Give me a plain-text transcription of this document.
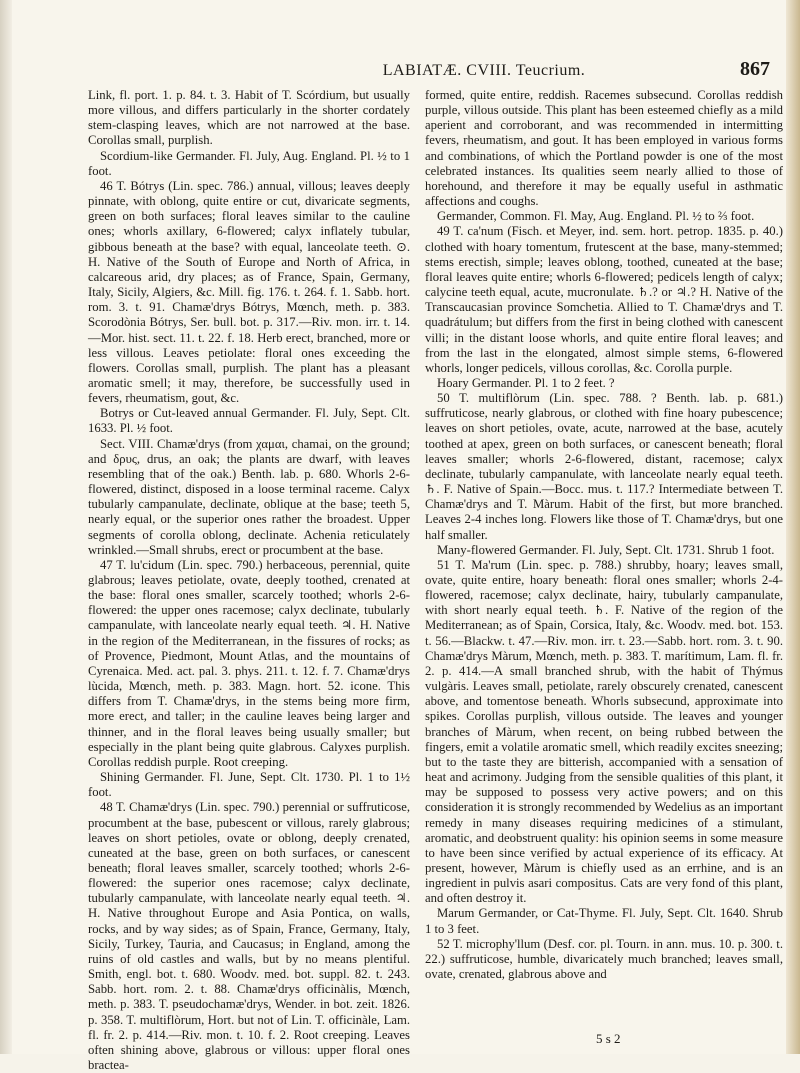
LABIATÆ. CVIII. Teucrium.	867

Link, fl. port. 1. p. 84. t. 3. Habit of T. Scórdium, but usually more villous, and differs particularly in the shorter cordately stem-clasping leaves, which are not narrowed at the base. Corollas small, purplish.

Scordium-like Germander. Fl. July, Aug. England. Pl. ½ to 1 foot.

46 T. Bótrys (Lin. spec. 786.) annual, villous; leaves deeply pinnate, with oblong, quite entire or cut, divaricate segments, green on both surfaces; floral leaves similar to the cauline ones; whorls axillary, 6-flowered; calyx inflately tubular, gibbous beneath at the base? with equal, lanceolate teeth. ⊙. H. Native of the South of Europe and North of Africa, in calcareous arid, dry places; as of France, Spain, Germany, Italy, Sicily, Algiers, &c. Mill. fig. 176. t. 264. f. 1. Sabb. hort. rom. 3. t. 91. Chamæ'drys Bótrys, Mœnch, meth. p. 383. Scorodònia Bótrys, Ser. bull. bot. p. 317.—Riv. mon. irr. t. 14.—Mor. hist. sect. 11. t. 22. f. 18. Herb erect, branched, more or less villous. Leaves petiolate: floral ones exceeding the flowers. Corollas small, purplish. The plant has a pleasant aromatic smell; it may, therefore, be successfully used in fevers, rheumatism, gout, &c.

Botrys or Cut-leaved annual Germander. Fl. July, Sept. Clt. 1633. Pl. ½ foot.

Sect. VIII. Chamæ'drys (from χαμαι, chamai, on the ground; and δρυς, drus, an oak; the plants are dwarf, with leaves resembling that of the oak.) Benth. lab. p. 680. Whorls 2-6-flowered, distinct, disposed in a loose terminal raceme. Calyx tubularly campanulate, declinate, oblique at the base; teeth 5, nearly equal, or the superior ones rather the broadest. Upper segments of corolla oblong, declinate. Achenia reticulately wrinkled.—Small shrubs, erect or procumbent at the base.

47 T. lu'cidum (Lin. spec. 790.) herbaceous, perennial, quite glabrous; leaves petiolate, ovate, deeply toothed, crenated at the base: floral ones smaller, scarcely toothed; whorls 2-6-flowered: the upper ones racemose; calyx declinate, tubularly campanulate, with lanceolate nearly equal teeth. ♃. H. Native in the region of the Mediterranean, in the fissures of rocks; as of Provence, Piedmont, Mount Atlas, and the mountains of Cyrenaica. Med. act. pal. 3. phys. 211. t. 12. f. 7. Chamæ'drys lùcida, Mœnch, meth. p. 383. Magn. hort. 52. icone. This differs from T. Chamæ'drys, in the stems being more firm, more erect, and taller; in the cauline leaves being larger and thinner, and in the floral leaves being usually smaller; but especially in the plant being quite glabrous. Calyxes purplish. Corollas reddish purple. Root creeping.

Shining Germander. Fl. June, Sept. Clt. 1730. Pl. 1 to 1½ foot.

48 T. Chamæ'drys (Lin. spec. 790.) perennial or suffruticose, procumbent at the base, pubescent or villous, rarely glabrous; leaves on short petioles, ovate or oblong, deeply crenated, cuneated at the base, green on both surfaces, or canescent beneath; floral leaves smaller, scarcely toothed; whorls 2-6-flowered: the superior ones racemose; calyx declinate, tubularly campanulate, with lanceolate nearly equal teeth. ♃. H. Native throughout Europe and Asia Pontica, on walls, rocks, and by way sides; as of Spain, France, Germany, Italy, Sicily, Turkey, Tauria, and Caucasus; in England, among the ruins of old castles and walls, but by no means plentiful. Smith, engl. bot. t. 680. Woodv. med. bot. suppl. 82. t. 243. Sabb. hort. rom. 2. t. 88. Chamæ'drys officinàlis, Mœnch, meth. p. 383. T. pseudochamæ'drys, Wender. in bot. zeit. 1826. p. 358. T. multiflòrum, Hort. but not of Lin. T. officinàle, Lam. fl. fr. 2. p. 414.—Riv. mon. t. 10. f. 2. Root creeping. Leaves often shining above, glabrous or villous: upper floral ones bractea-

formed, quite entire, reddish. Racemes subsecund. Corollas reddish purple, villous outside. This plant has been esteemed chiefly as a mild aperient and corroborant, and was recommended in intermitting fevers, rheumatism, and gout. It has been employed in various forms and combinations, of which the Portland powder is one of the most celebrated instances. Its qualities seem nearly allied to those of horehound, and therefore it may be equally useful in asthmatic affections and coughs.

Germander, Common. Fl. May, Aug. England. Pl. ½ to ⅔ foot.

49 T. ca'num (Fisch. et Meyer, ind. sem. hort. petrop. 1835. p. 40.) clothed with hoary tomentum, frutescent at the base, many-stemmed; stems erectish, simple; leaves oblong, toothed, cuneated at the base; floral leaves quite entire; whorls 6-flowered; pedicels length of calyx; calycine teeth equal, acute, mucronulate. ♄.? or ♃.? H. Native of the Transcaucasian province Somchetia. Allied to T. Chamæ'drys and T. quadrátulum; but differs from the first in being clothed with canescent villi; in the distant loose whorls, and quite entire floral leaves; and from the last in the elongated, almost simple stems, 6-flowered whorls, longer pedicels, villous corollas, &c. Corolla purple.

Hoary Germander. Pl. 1 to 2 feet. ?

50 T. multiflòrum (Lin. spec. 788. ? Benth. lab. p. 681.) suffruticose, nearly glabrous, or clothed with fine hoary pubescence; leaves on short petioles, ovate, acute, narrowed at the base, acutely toothed at apex, green on both surfaces, or canescent beneath; floral leaves smaller; whorls 2-6-flowered, distant, racemose; calyx declinate, tubularly campanulate, with lanceolate nearly equal teeth. ♄. F. Native of Spain.—Bocc. mus. t. 117.? Intermediate between T. Chamæ'drys and T. Màrum. Habit of the first, but more branched. Leaves 2-4 inches long. Flowers like those of T. Chamæ'drys, but one half smaller.

Many-flowered Germander. Fl. July, Sept. Clt. 1731. Shrub 1 foot.

51 T. Ma'rum (Lin. spec. p. 788.) shrubby, hoary; leaves small, ovate, quite entire, hoary beneath: floral ones smaller; whorls 2-4-flowered, racemose; calyx declinate, hairy, tubularly campanulate, with short nearly equal teeth. ♄. F. Native of the region of the Mediterranean; as of Spain, Corsica, Italy, &c. Woodv. med. bot. 153. t. 56.—Blackw. t. 47.—Riv. mon. irr. t. 23.—Sabb. hort. rom. 3. t. 90. Chamæ'drys Màrum, Mœnch, meth. p. 383. T. marítimum, Lam. fl. fr. 2. p. 414.—A small branched shrub, with the habit of Thýmus vulgàris. Leaves small, petiolate, rarely obscurely crenated, canescent above, and tomentose beneath. Whorls subsecund, approximate into spikes. Corollas purplish, villous outside. The leaves and younger branches of Màrum, when recent, on being rubbed between the fingers, emit a volatile aromatic smell, which readily excites sneezing; but to the taste they are bitterish, accompanied with a sensation of heat and acrimony. Judging from the sensible qualities of this plant, it may be supposed to possess very active powers; and on this consideration it is strongly recommended by Wedelius as an important remedy in many diseases requiring medicines of a stimulant, aromatic, and deobstruent quality: his opinion seems in some measure to have been since verified by actual experience of its efficacy. At present, however, Màrum is chiefly used as an errhine, and is an ingredient in pulvis asari compositus. Cats are very fond of this plant, and often destroy it.

Marum Germander, or Cat-Thyme. Fl. July, Sept. Clt. 1640. Shrub 1 to 3 feet.

52 T. microphy'llum (Desf. cor. pl. Tourn. in ann. mus. 10. p. 300. t. 22.) suffruticose, humble, divaricately much branched; leaves small, ovate, crenated, glabrous above and

5 s 2
